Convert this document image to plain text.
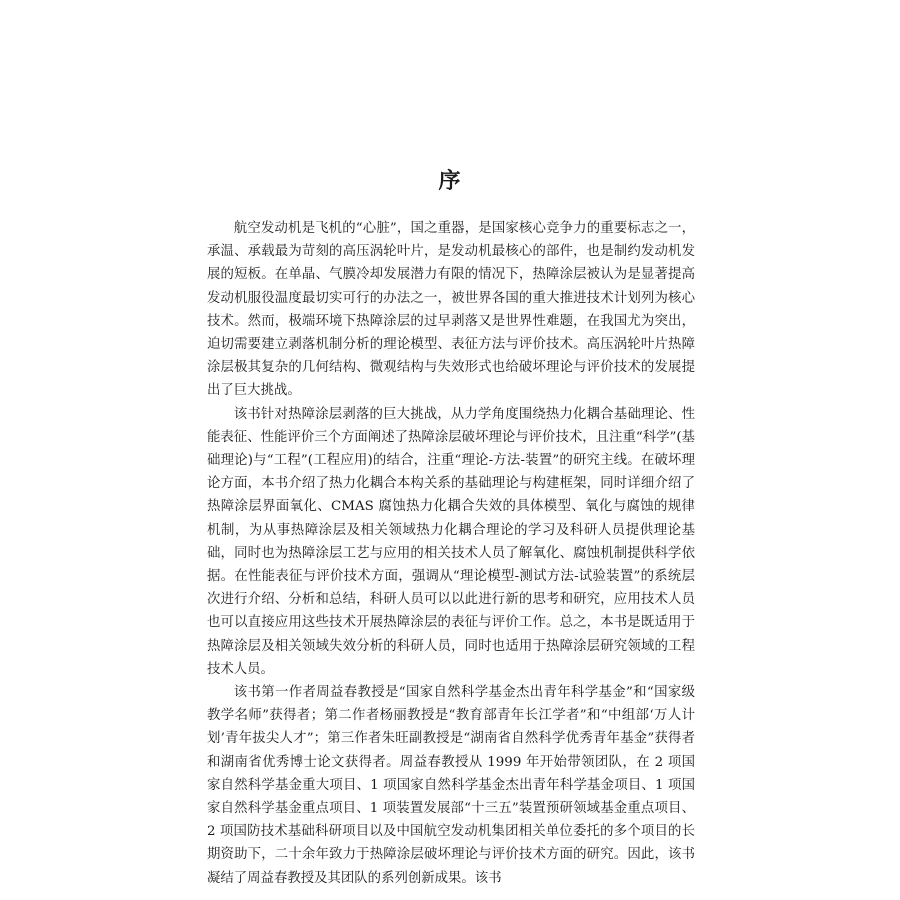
序

航空发动机是飞机的“心脏”，国之重器，是国家核心竞争力的重要标志之一，承温、承载最为苛刻的高压涡轮叶片，是发动机最核心的部件，也是制约发动机发展的短板。在单晶、气膜冷却发展潜力有限的情况下，热障涂层被认为是显著提高发动机服役温度最切实可行的办法之一，被世界各国的重大推进技术计划列为核心技术。然而，极端环境下热障涂层的过早剥落又是世界性难题，在我国尤为突出，迫切需要建立剥落机制分析的理论模型、表征方法与评价技术。高压涡轮叶片热障涂层极其复杂的几何结构、微观结构与失效形式也给破坏理论与评价技术的发展提出了巨大挑战。

该书针对热障涂层剥落的巨大挑战，从力学角度围绕热力化耦合基础理论、性能表征、性能评价三个方面阐述了热障涂层破坏理论与评价技术，且注重“科学”(基础理论)与“工程”(工程应用)的结合，注重“理论-方法-装置”的研究主线。在破坏理论方面，本书介绍了热力化耦合本构关系的基础理论与构建框架，同时详细介绍了热障涂层界面氧化、CMAS 腐蚀热力化耦合失效的具体模型、氧化与腐蚀的规律机制，为从事热障涂层及相关领域热力化耦合理论的学习及科研人员提供理论基础，同时也为热障涂层工艺与应用的相关技术人员了解氧化、腐蚀机制提供科学依据。在性能表征与评价技术方面，强调从“理论模型-测试方法-试验装置”的系统层次进行介绍、分析和总结，科研人员可以以此进行新的思考和研究，应用技术人员也可以直接应用这些技术开展热障涂层的表征与评价工作。总之，本书是既适用于热障涂层及相关领域失效分析的科研人员，同时也适用于热障涂层研究领域的工程技术人员。

该书第一作者周益春教授是“国家自然科学基金杰出青年科学基金”和“国家级教学名师”获得者；第二作者杨丽教授是“教育部青年长江学者”和“中组部‘万人计划’青年拔尖人才”；第三作者朱旺副教授是“湖南省自然科学优秀青年基金”获得者和湖南省优秀博士论文获得者。周益春教授从 1999 年开始带领团队，在 2 项国家自然科学基金重大项目、1 项国家自然科学基金杰出青年科学基金项目、1 项国家自然科学基金重点项目、1 项装置发展部“十三五”装置预研领域基金重点项目、2 项国防技术基础科研项目以及中国航空发动机集团相关单位委托的多个项目的长期资助下，二十余年致力于热障涂层破坏理论与评价技术方面的研究。因此，该书凝结了周益春教授及其团队的系列创新成果。该书
